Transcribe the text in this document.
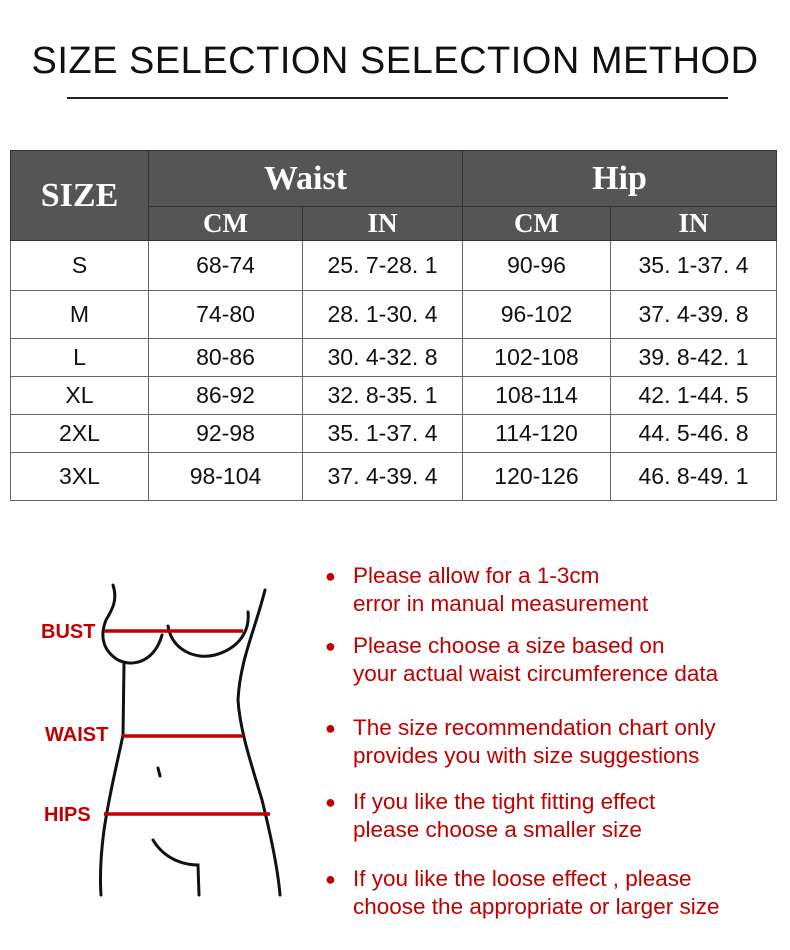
SIZE SELECTION SELECTION METHOD
SIZE	Waist		Hip	
	CM	IN	CM	IN
S	68-74	25. 7-28. 1	90-96	35. 1-37. 4
M	74-80	28. 1-30. 4	96-102	37. 4-39. 8
L	80-86	30. 4-32. 8	102-108	39. 8-42. 1
XL	86-92	32. 8-35. 1	108-114	42. 1-44. 5
2XL	92-98	35. 1-37. 4	114-120	44. 5-46. 8
3XL	98-104	37. 4-39. 4	120-126	46. 8-49. 1
BUST
WAIST
HIPS
● Please allow for a 1-3cm
error in manual measurement
● Please choose a size based on
your actual waist circumference data
● The size recommendation chart only
provides you with size suggestions
● If you like the tight fitting effect
please choose a smaller size
● If you like the loose effect , please
choose the appropriate or larger size
